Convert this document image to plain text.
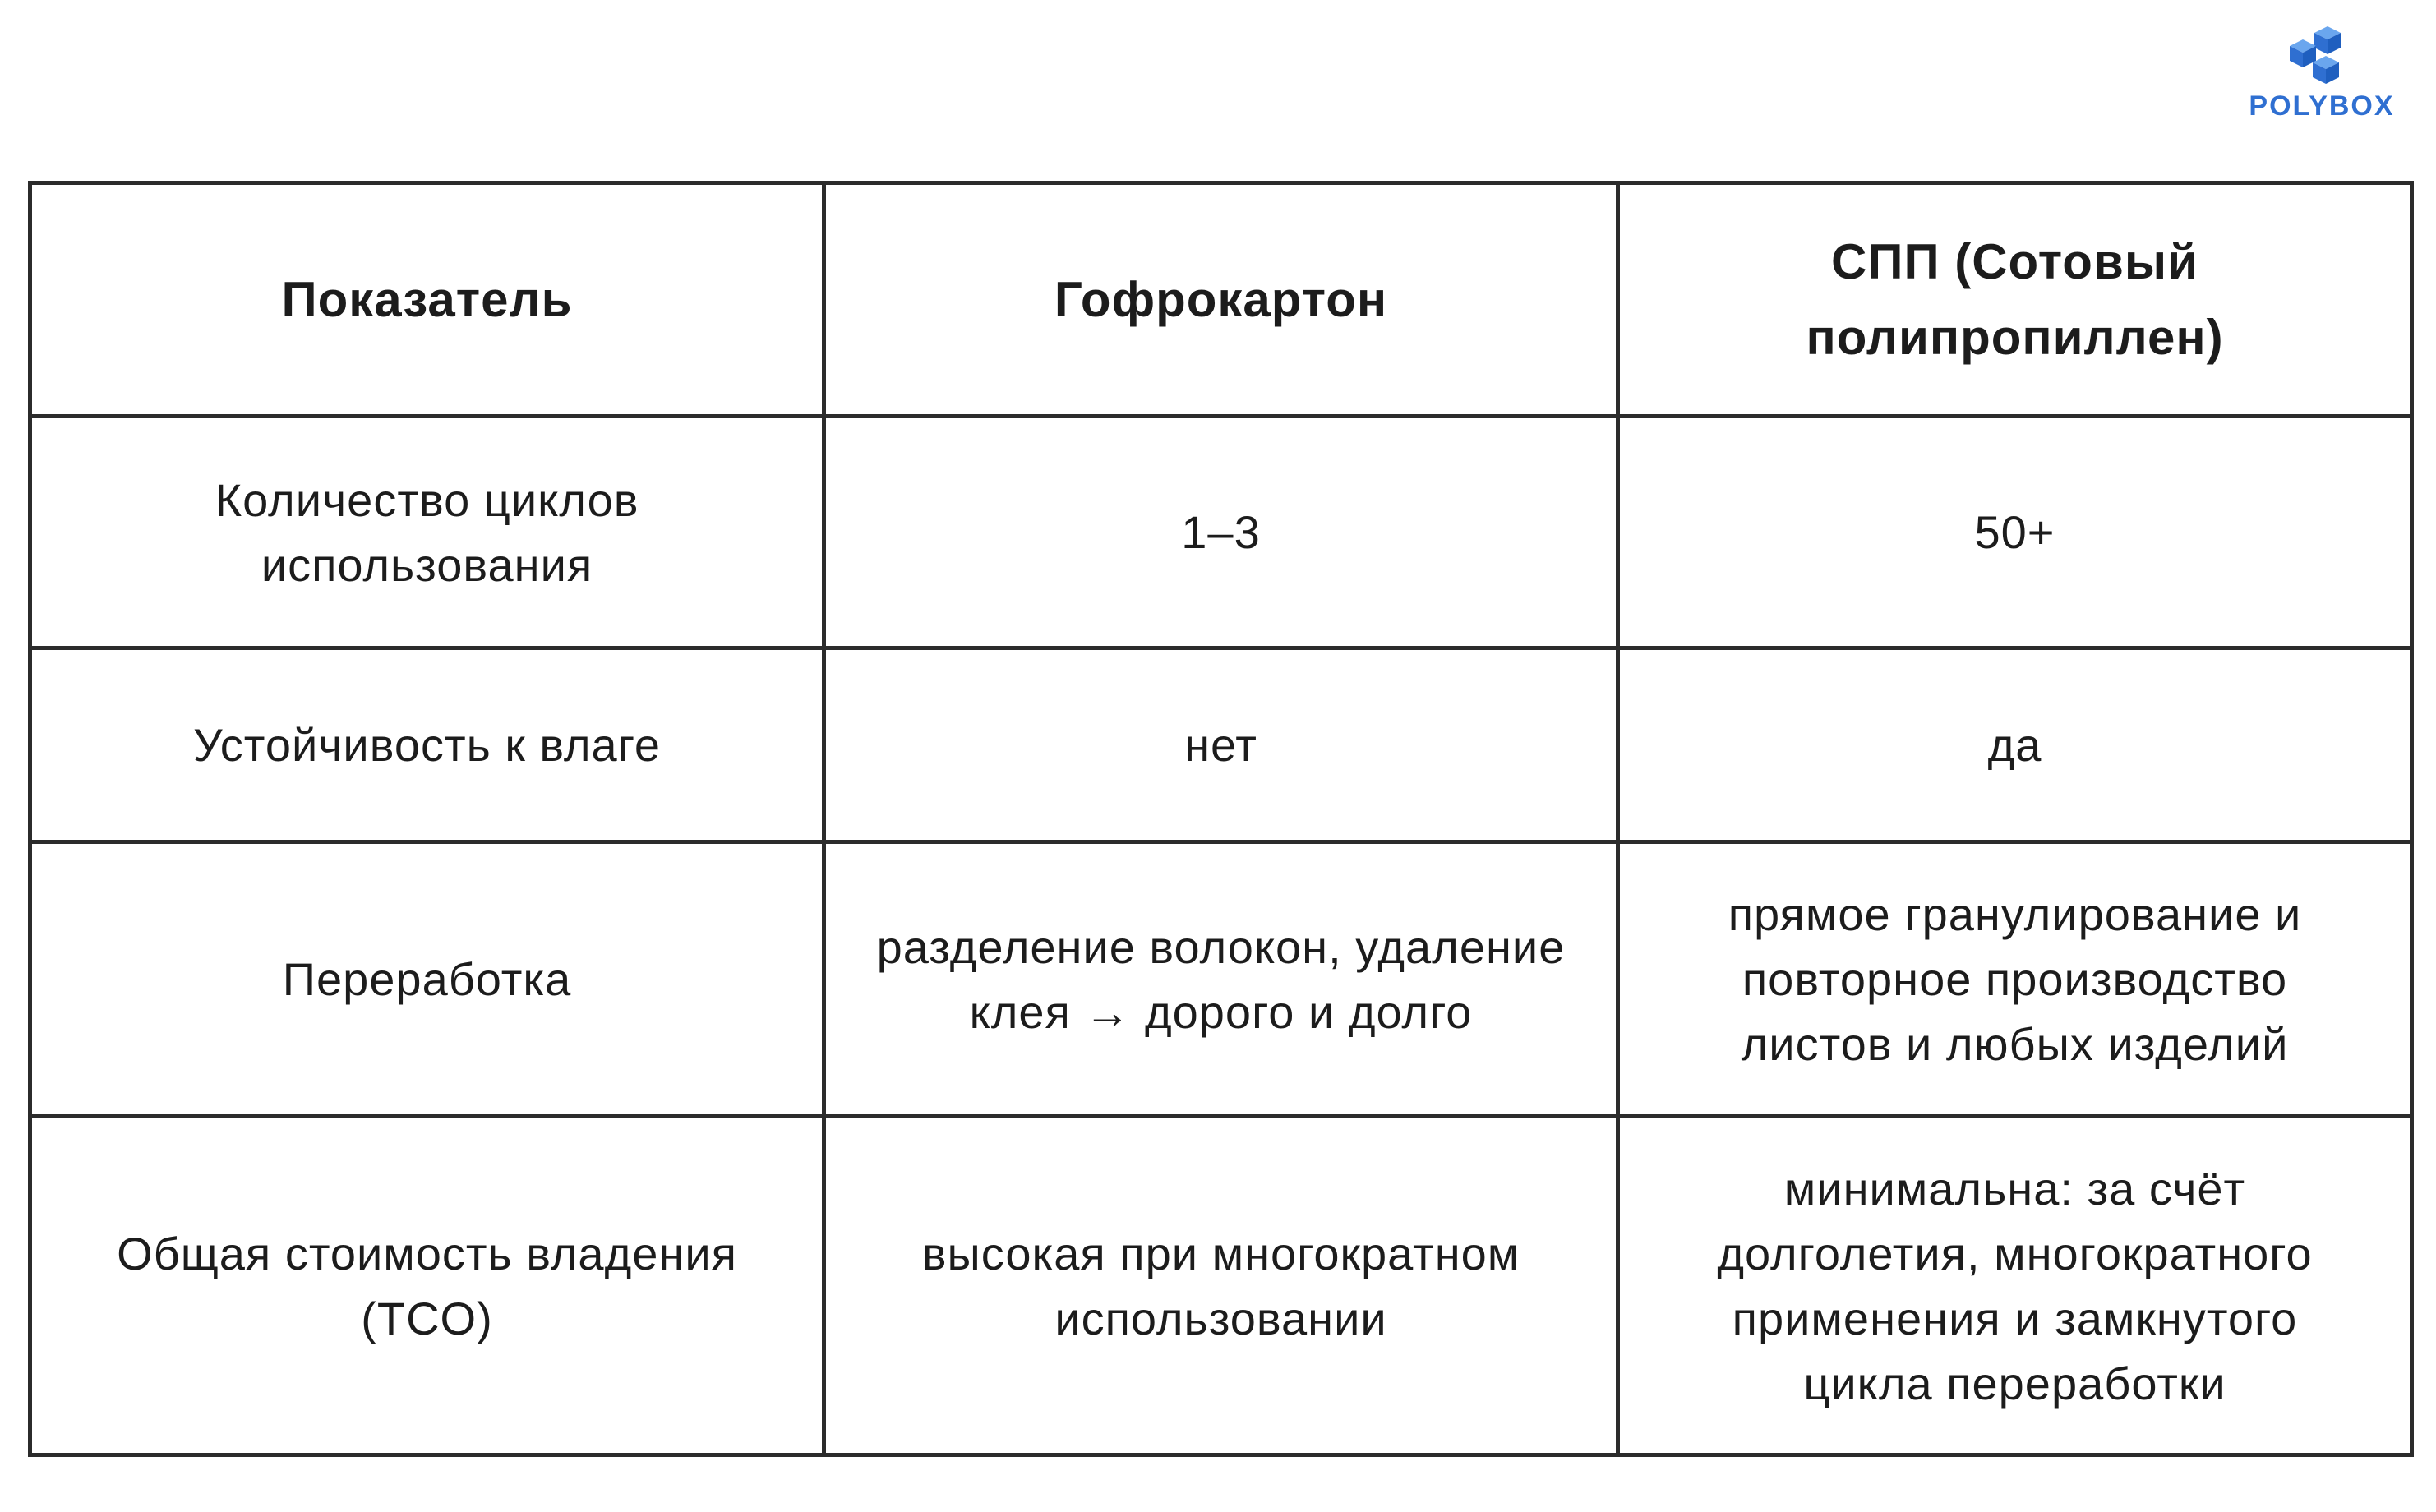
POLYBOX
Показатель	Гофрокартон	СПП (Сотовый полипропиллен)
Количество циклов использования	1–3	50+
Устойчивость к влаге	нет	да
Переработка	разделение волокон, удаление клея → дорого и долго	прямое гранулирование и повторное производство листов и любых изделий
Общая стоимость владения (TCO)	высокая при многократном использовании	минимальна: за счёт долголетия, многократного применения и замкнутого цикла переработки
